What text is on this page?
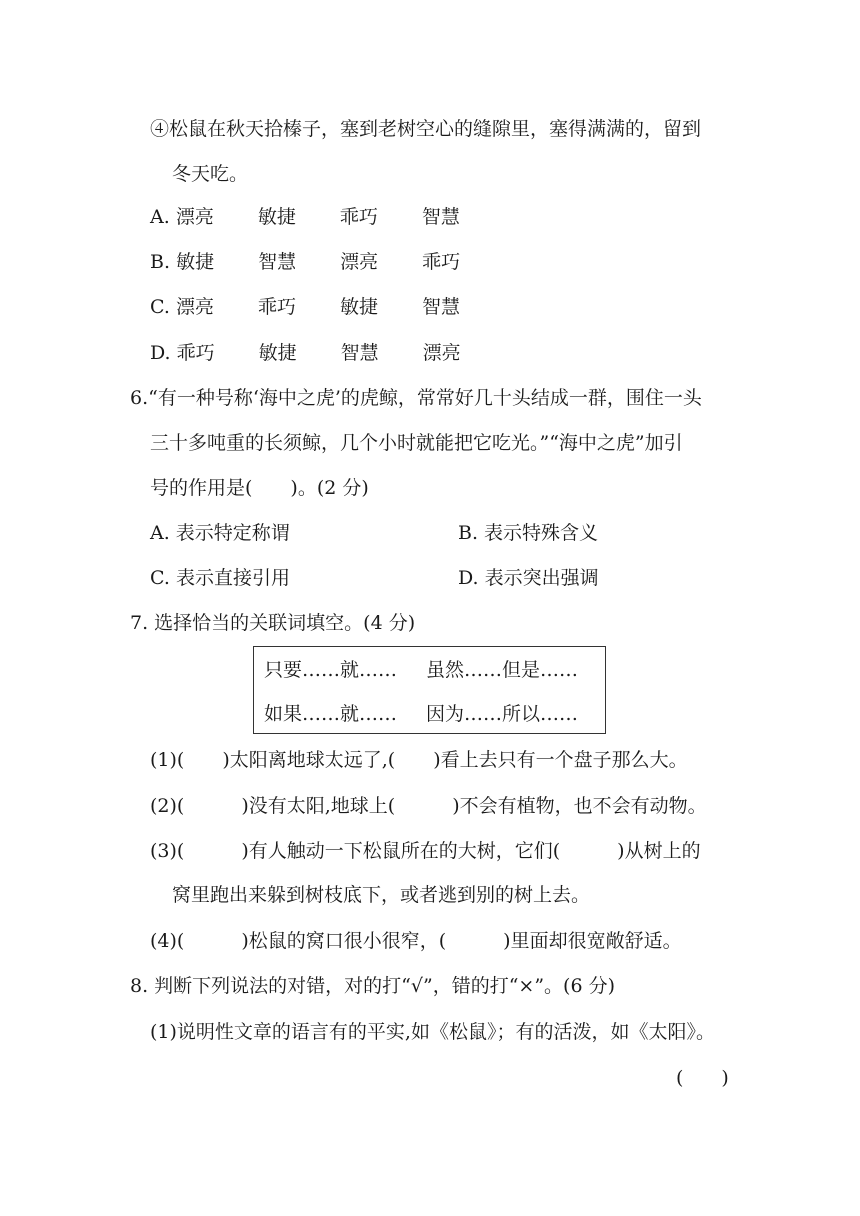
④松鼠在秋天拾榛子，塞到老树空心的缝隙里，塞得满满的，留到
冬天吃。
A. 漂亮 敏捷 乖巧 智慧
B. 敏捷 智慧 漂亮 乖巧
C. 漂亮 乖巧 敏捷 智慧
D. 乖巧 敏捷 智慧 漂亮
6.“有一种号称‘海中之虎’的虎鲸，常常好几十头结成一群，围住一头
三十多吨重的长须鲸，几个小时就能把它吃光。”“海中之虎”加引
号的作用是(　　)。(2 分)
A. 表示特定称谓	B. 表示特殊含义
C. 表示直接引用	D. 表示突出强调
7. 选择恰当的关联词填空。(4 分)
只要……就…… 虽然……但是……
如果……就…… 因为……所以……
(1)(　　)太阳离地球太远了,(　　)看上去只有一个盘子那么大。
(2)(　　　)没有太阳,地球上(　　　)不会有植物，也不会有动物。
(3)(　　　)有人触动一下松鼠所在的大树，它们(　　　)从树上的
窝里跑出来躲到树枝底下，或者逃到别的树上去。
(4)(　　　)松鼠的窝口很小很窄，(　　　)里面却很宽敞舒适。
8. 判断下列说法的对错，对的打“√”，错的打“×”。(6 分)
(1)说明性文章的语言有的平实,如《松鼠》；有的活泼，如《太阳》。
(　　)
